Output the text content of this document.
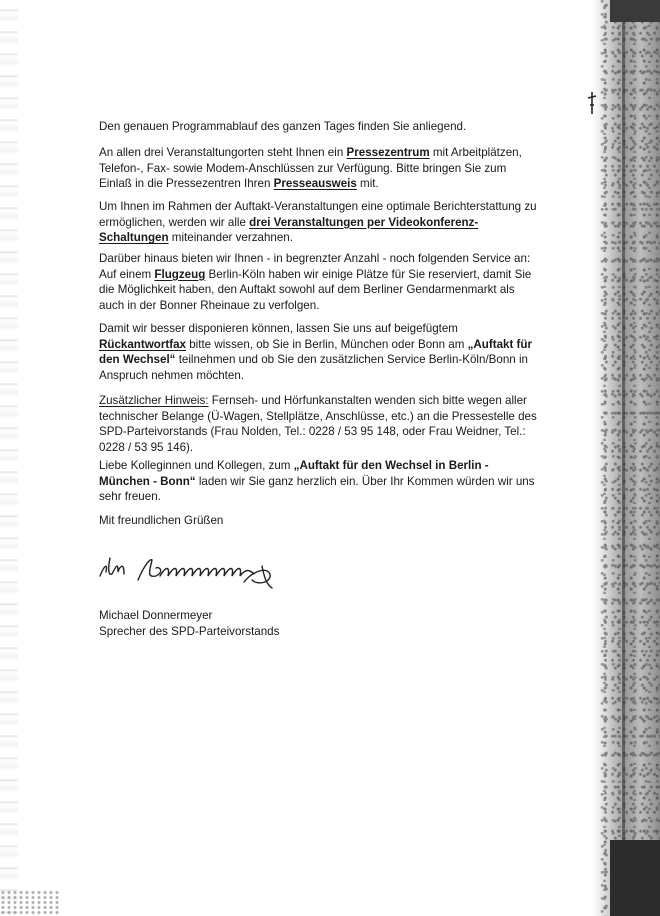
Den genauen Programmablauf des ganzen Tages finden Sie anliegend.

An allen drei Veranstaltungorten steht Ihnen ein Pressezentrum mit Arbeitplätzen, Telefon-, Fax- sowie Modem-Anschlüssen zur Verfügung. Bitte bringen Sie zum Einlaß in die Pressezentren Ihren Presseausweis mit.

Um Ihnen im Rahmen der Auftakt-Veranstaltungen eine optimale Berichterstattung zu ermöglichen, werden wir alle drei Veranstaltungen per Videokonferenz-Schaltungen miteinander verzahnen.

Darüber hinaus bieten wir Ihnen - in begrenzter Anzahl - noch folgenden Service an: Auf einem Flugzeug Berlin-Köln haben wir einige Plätze für Sie reserviert, damit Sie die Möglichkeit haben, den Auftakt sowohl auf dem Berliner Gendarmenmarkt als auch in der Bonner Rheinaue zu verfolgen.

Damit wir besser disponieren können, lassen Sie uns auf beigefügtem Rückantwortfax bitte wissen, ob Sie in Berlin, München oder Bonn am „Auftakt für den Wechsel“ teilnehmen und ob Sie den zusätzlichen Service Berlin-Köln/Bonn in Anspruch nehmen möchten.

Zusätzlicher Hinweis: Fernseh- und Hörfunkanstalten wenden sich bitte wegen aller technischer Belange (Ü-Wagen, Stellplätze, Anschlüsse, etc.) an die Pressestelle des SPD-Parteivorstands (Frau Nolden, Tel.: 0228 / 53 95 148, oder Frau Weidner, Tel.: 0228 / 53 95 146).

Liebe Kolleginnen und Kollegen, zum „Auftakt für den Wechsel in Berlin - München - Bonn“ laden wir Sie ganz herzlich ein. Über Ihr Kommen würden wir uns sehr freuen.

Mit freundlichen Grüßen

Michael Donnermeyer
Sprecher des SPD-Parteivorstands
